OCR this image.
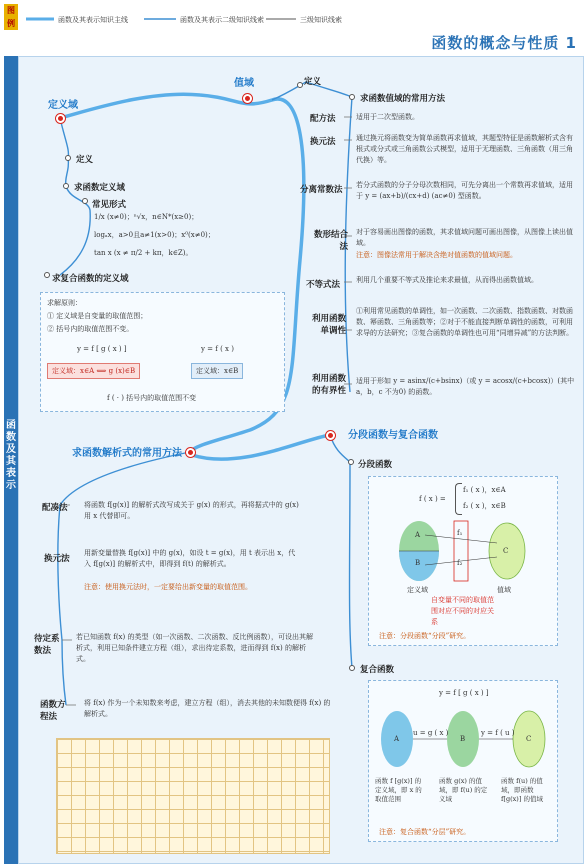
图例	函数及其表示知识主线	函数及其表示二级知识线索	三级知识线索
函数的概念与性质 1
函数及其表示
定义域
定义
求函数定义域
常见形式
1/x (x≠0)；ⁿ√x，n∈N*(x≥0)；
logₐx，a>0且a≠1(x>0)；x⁰(x≠0)；
tan x (x ≠ π/2 + kπ，k∈Z)。
求复合函数的定义域
求解原则：
① 定义域是自变量的取值范围；
② 括号内的取值范围不变。
y = f [ g ( x ) ]	y = f ( x )
定义域：x∈A ⟺ g (x)∈B	定义域：x∈B
f ( · ) 括号内的取值范围不变
值域	定义
求函数值域的常用方法
配方法	适用于二次型函数。
换元法	通过换元将函数变为简单函数再求值域，其题型特征是函数解析式含有根式或分式或三角函数公式模型，适用于无理函数、三角函数（用三角代换）等。
分离常数法 若分式函数的分子分母次数相同，可先分离出一个常数再求值域，适用于 y = (ax+b)/(cx+d) (ac≠0) 型函数。
数形结合法
对于容易画出图像的函数，其求值域问题可画出图像，从图像上读出值域。
注意：图像法常用于解决含绝对值函数的值域问题。
不等式法 利用几个重要不等式及推论来求最值，从而得出函数值域。
利用函数单调性
①利用常见函数的单调性，如一次函数、二次函数、指数函数、对数函数、幂函数、三角函数等；②对于不能直接判断单调性的函数，可利用求导的方法研究；③复合函数的单调性也可用“同增异减”的方法判断。
利用函数的有界性
适用于形如 y = asinx/(c+bsinx)（或 y = acosx/(c+bcosx)）(其中 a，b，c 不为0) 的函数。
求函数解析式的常用方法
配凑法 将函数 f[g(x)] 的解析式改写成关于 g(x) 的形式，再将据式中的 g(x) 用 x 代替即可。
换元法
用新变量替换 f[g(x)] 中的 g(x)，如设 t = g(x)，用 t 表示出 x，代入 f[g(x)] 的解析式中，即得到 f(t) 的解析式。
注意：使用换元法时，一定要给出新变量的取值范围。
待定系数法
若已知函数 f(x) 的类型（如一次函数、二次函数、反比例函数），可设出其解析式，利用已知条件建立方程（组），求出待定系数，进而得到 f(x) 的解析式。
函数方程法
将 f(x) 作为一个未知数来考虑，建立方程（组），消去其他的未知数便得 f(x) 的解析式。
分段函数与复合函数
分段函数
f ( x ) =
f₁ ( x )，x∈A
f₂ ( x )，x∈B
A
B
C
f₁
f₂
定义域	值域
自变量不同的取值范围对应不同的对应关系
注意：分段函数“分段”研究。
复合函数
y = f [ g ( x ) ]
A	B	C
u = g ( x )	y = f ( u )
函数 f [g(x)] 的定义域，即 x 的取值范围
函数 g(x) 的值域，即 f(u) 的定义域
函数 f(u) 的值域，即函数 f[g(x)] 的值域
注意：复合函数“分层”研究。
